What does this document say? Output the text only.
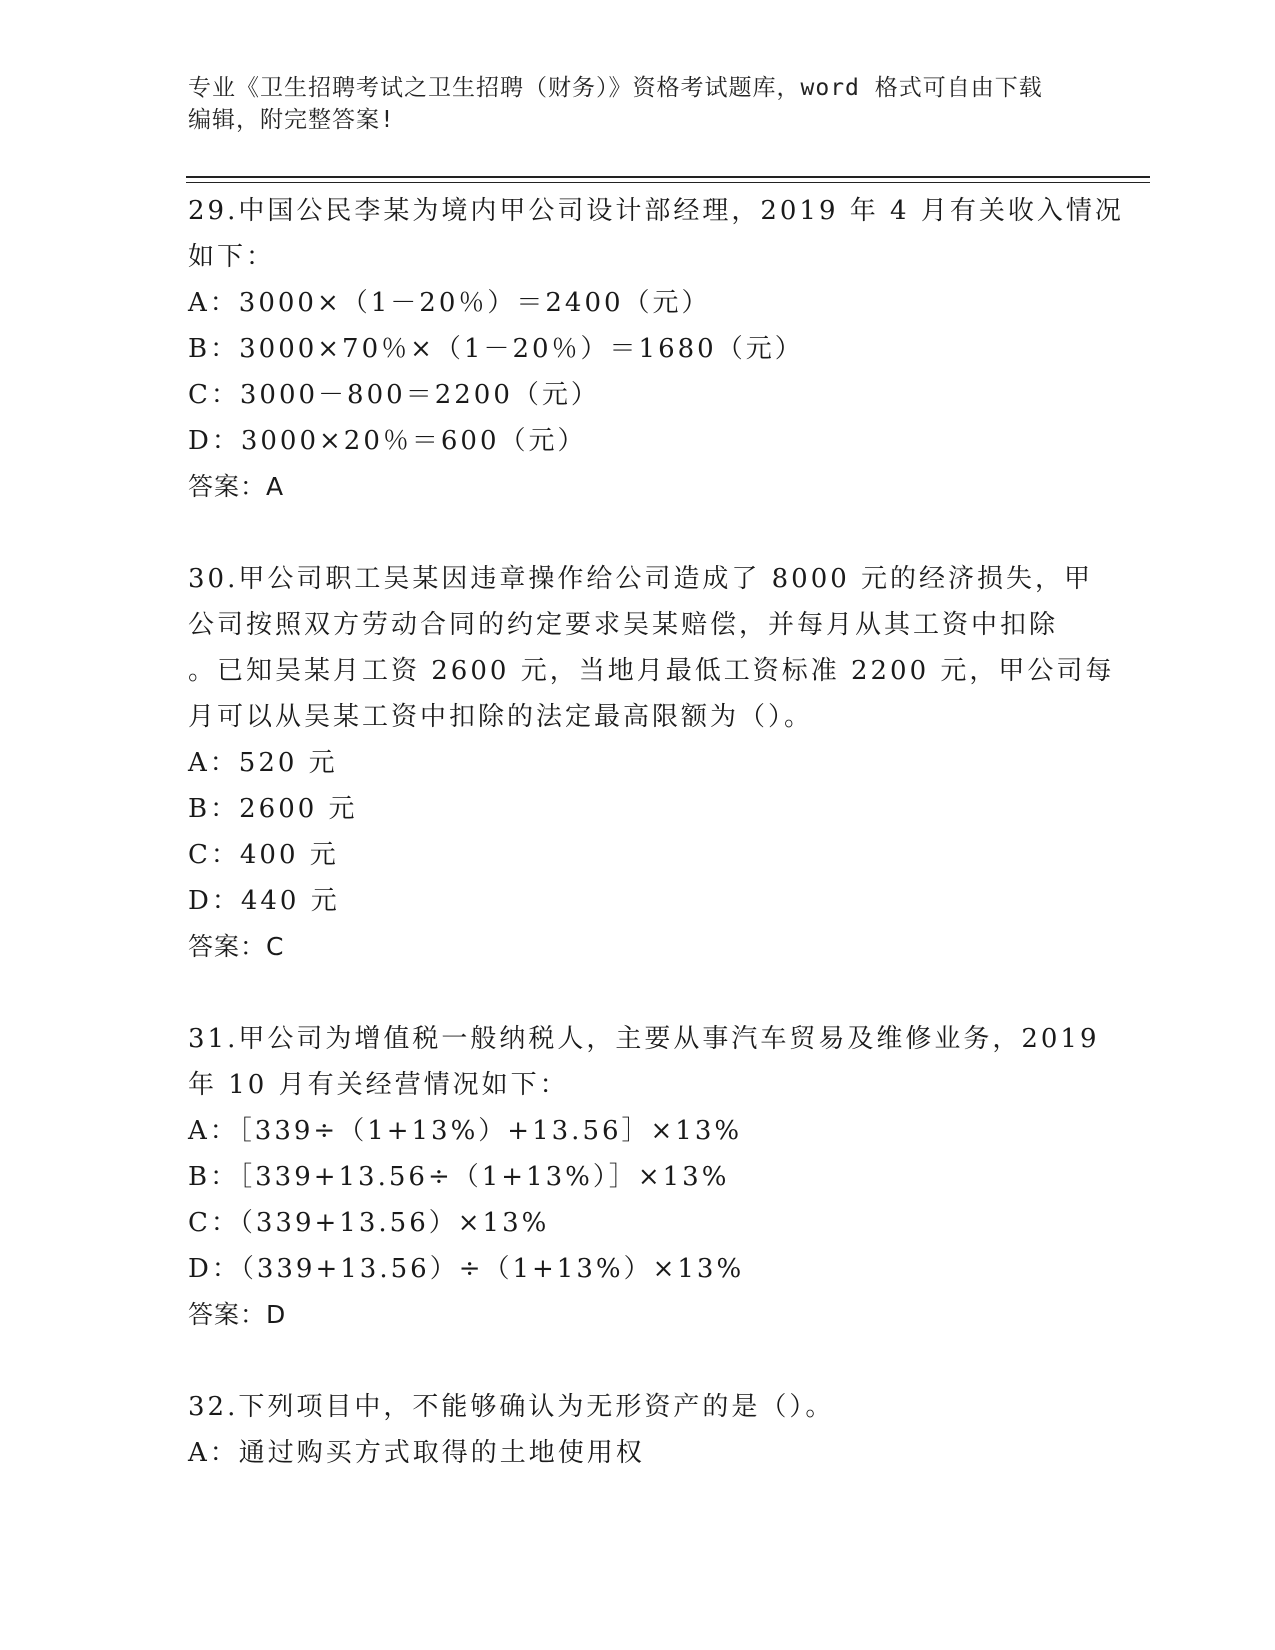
专业《卫生招聘考试之卫生招聘（财务）》资格考试题库，word 格式可自由下载
编辑，附完整答案!
29.中国公民李某为境内甲公司设计部经理，2019 年 4 月有关收入情况
如下：
A：3000×（1－20％）＝2400（元）
B：3000×70％×（1－20％）＝1680（元）
C：3000－800＝2200（元）
D：3000×20％＝600（元）
答案：A
30.甲公司职工吴某因违章操作给公司造成了 8000 元的经济损失，甲
公司按照双方劳动合同的约定要求吴某赔偿，并每月从其工资中扣除
。已知吴某月工资 2600 元，当地月最低工资标准 2200 元，甲公司每
月可以从吴某工资中扣除的法定最高限额为（）。
A：520 元
B：2600 元
C：400 元
D：440 元
答案：C
31.甲公司为增值税一般纳税人，主要从事汽车贸易及维修业务，2019
年 10 月有关经营情况如下：
A：［339÷（1+13%）+13.56］×13%
B：［339+13.56÷（1+13%）］×13%
C：（339+13.56）×13%
D：（339+13.56）÷（1+13%）×13%
答案：D
32.下列项目中，不能够确认为无形资产的是（）。
A：通过购买方式取得的土地使用权
